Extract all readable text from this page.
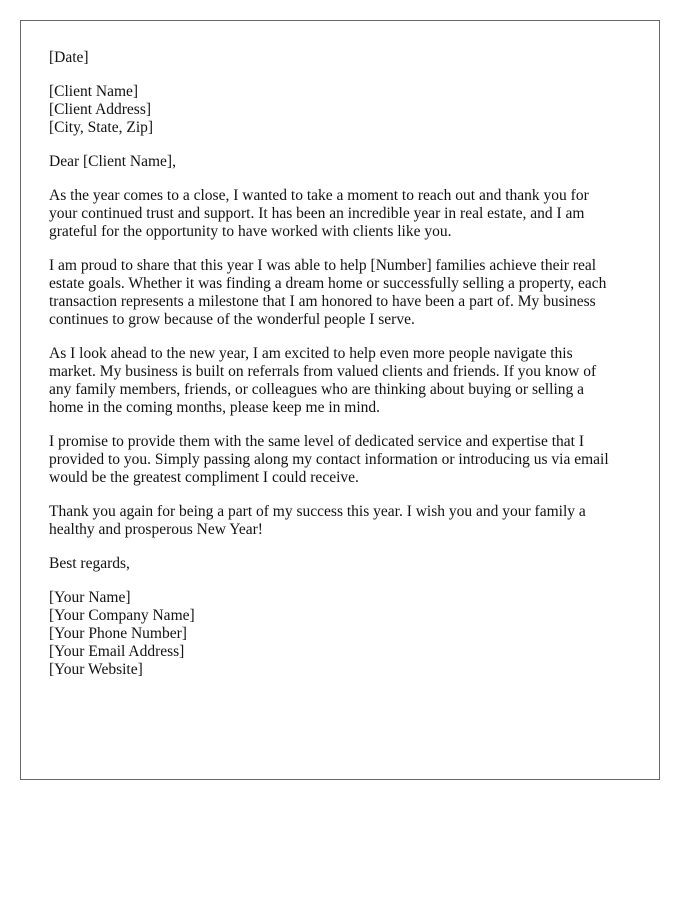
[Date]
[Client Name]
[Client Address]
[City, State, Zip]
Dear [Client Name],

As the year comes to a close, I wanted to take a moment to reach out and thank you for your continued trust and support. It has been an incredible year in real estate, and I am grateful for the opportunity to have worked with clients like you.

I am proud to share that this year I was able to help [Number] families achieve their real estate goals. Whether it was finding a dream home or successfully selling a property, each transaction represents a milestone that I am honored to have been a part of. My business continues to grow because of the wonderful people I serve.

As I look ahead to the new year, I am excited to help even more people navigate this market. My business is built on referrals from valued clients and friends. If you know of any family members, friends, or colleagues who are thinking about buying or selling a home in the coming months, please keep me in mind.

I promise to provide them with the same level of dedicated service and expertise that I provided to you. Simply passing along my contact information or introducing us via email would be the greatest compliment I could receive.

Thank you again for being a part of my success this year. I wish you and your family a healthy and prosperous New Year!

Best regards,
[Your Name]
[Your Company Name]
[Your Phone Number]
[Your Email Address]
[Your Website]
